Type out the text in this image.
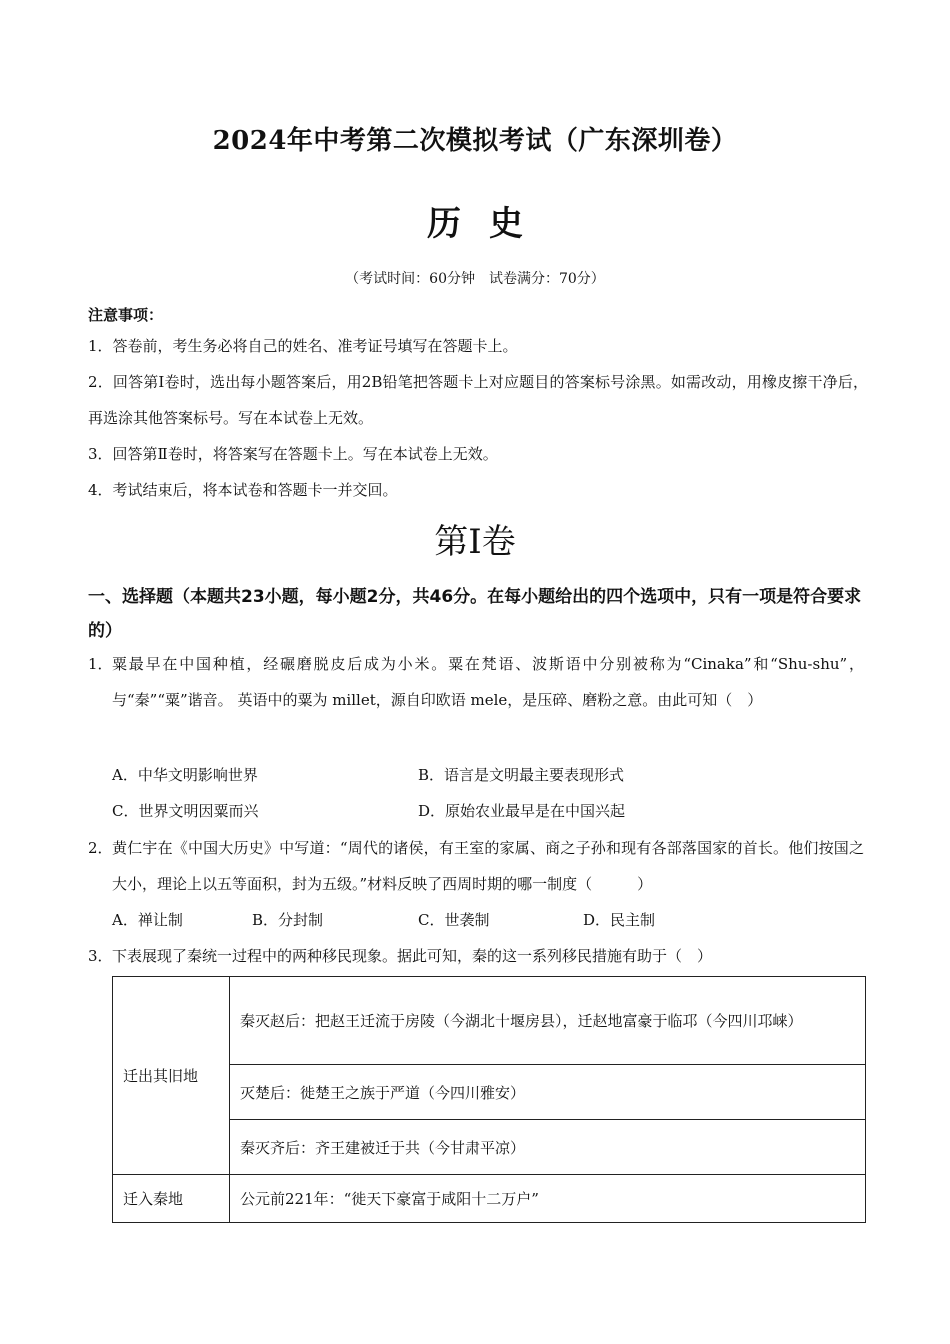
2024年中考第二次模拟考试（广东深圳卷）
历史
（考试时间：60分钟　试卷满分：70分）
注意事项：
1．答卷前，考生务必将自己的姓名、准考证号填写在答题卡上。
2．回答第Ⅰ卷时，选出每小题答案后，用2B铅笔把答题卡上对应题目的答案标号涂黑。如需改动，用橡皮擦干净后，再选涂其他答案标号。写在本试卷上无效。
3．回答第Ⅱ卷时，将答案写在答题卡上。写在本试卷上无效。
4．考试结束后，将本试卷和答题卡一并交回。
第Ⅰ卷
一、选择题（本题共23小题，每小题2分，共46分。在每小题给出的四个选项中，只有一项是符合要求的）
1． 粟最早在中国种植，经碾磨脱皮后成为小米。粟在梵语、波斯语中分别被称为“Cinaka”和“Shu-shu”，与“秦”“粟”谐音。 英语中的粟为 millet，源自印欧语 mele，是压碎、磨粉之意。由此可知（　）
A．中华文明影响世界	B．语言是文明最主要表现形式
C．世界文明因粟而兴	D．原始农业最早是在中国兴起
2． 黄仁宇在《中国大历史》中写道：“周代的诸侯，有王室的家属、商之子孙和现有各部落国家的首长。他们按国之大小，理论上以五等面积，封为五级。”材料反映了西周时期的哪一制度（　　　）
A．禅让制	B．分封制	C．世袭制	D．民主制
3． 下表展现了秦统一过程中的两种移民现象。据此可知，秦的这一系列移民措施有助于（　）
迁出其旧地	秦灭赵后：把赵王迁流于房陵（今湖北十堰房县），迁赵地富豪于临邛（今四川邛崃）
	灭楚后：徙楚王之族于严道（今四川雅安）
	秦灭齐后：齐王建被迁于共（今甘肃平凉）
迁入秦地	公元前221年：“徙天下豪富于咸阳十二万户”
